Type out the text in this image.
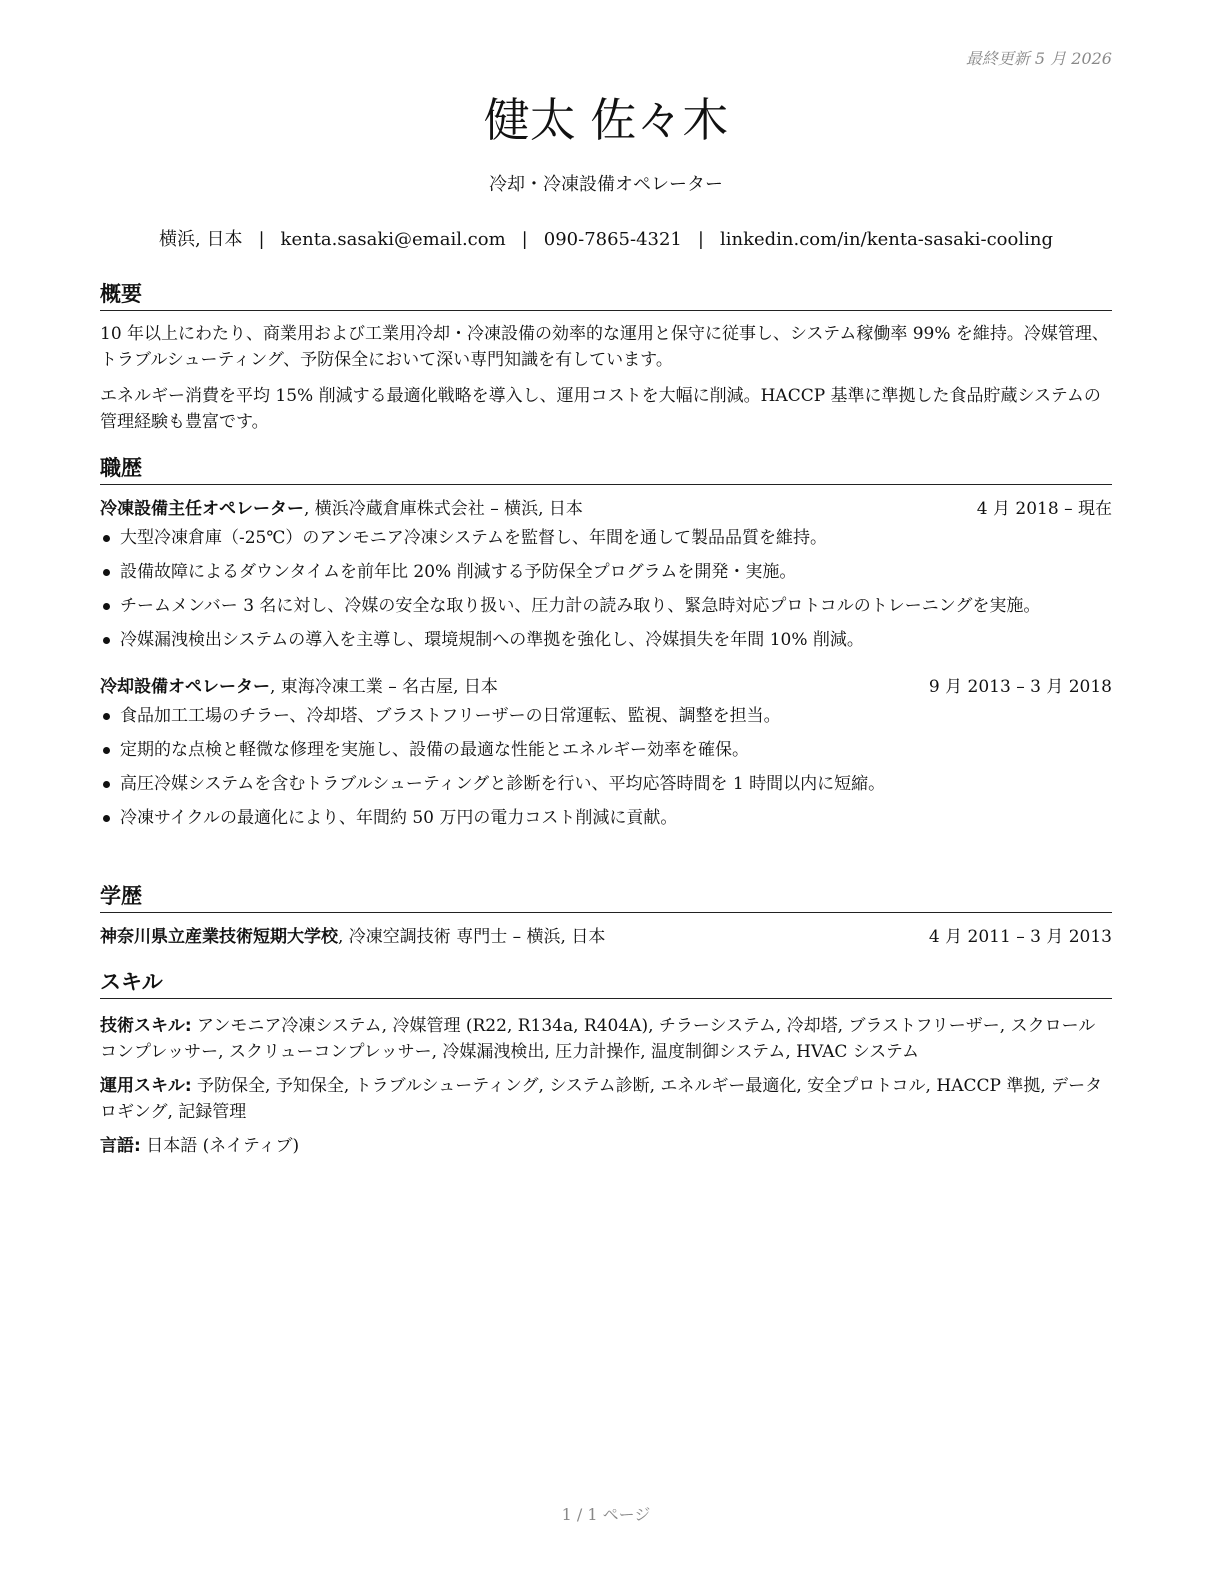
最終更新 5 月 2026
健太 佐々木
冷却・冷凍設備オペレーター
横浜, 日本 | kenta.sasaki@email.com | 090-7865-4321 | linkedin.com/in/kenta-sasaki-cooling
概要

10 年以上にわたり、商業用および工業用冷却・冷凍設備の効率的な運用と保守に従事し、システム稼働率 99% を維持。冷媒管理、トラブルシューティング、予防保全において深い専門知識を有しています。

エネルギー消費を平均 15% 削減する最適化戦略を導入し、運用コストを大幅に削減。HACCP 基準に準拠した食品貯蔵システムの管理経験も豊富です。

職歴
冷凍設備主任オペレーター, 横浜冷蔵倉庫株式会社 – 横浜, 日本	4 月 2018 – 現在
大型冷凍倉庫（-25℃）のアンモニア冷凍システムを監督し、年間を通して製品品質を維持。
設備故障によるダウンタイムを前年比 20% 削減する予防保全プログラムを開発・実施。
チームメンバー 3 名に対し、冷媒の安全な取り扱い、圧力計の読み取り、緊急時対応プロトコルのトレーニングを実施。
冷媒漏洩検出システムの導入を主導し、環境規制への準拠を強化し、冷媒損失を年間 10% 削減。
冷却設備オペレーター, 東海冷凍工業 – 名古屋, 日本	9 月 2013 – 3 月 2018
食品加工工場のチラー、冷却塔、ブラストフリーザーの日常運転、監視、調整を担当。
定期的な点検と軽微な修理を実施し、設備の最適な性能とエネルギー効率を確保。
高圧冷媒システムを含むトラブルシューティングと診断を行い、平均応答時間を 1 時間以内に短縮。
冷凍サイクルの最適化により、年間約 50 万円の電力コスト削減に貢献。
学歴
神奈川県立産業技術短期大学校, 冷凍空調技術 専門士 – 横浜, 日本	4 月 2011 – 3 月 2013
スキル
技術スキル: アンモニア冷凍システム, 冷媒管理 (R22, R134a, R404A), チラーシステム, 冷却塔, ブラストフリーザー, スクロールコンプレッサー, スクリューコンプレッサー, 冷媒漏洩検出, 圧力計操作, 温度制御システム, HVAC システム
運用スキル: 予防保全, 予知保全, トラブルシューティング, システム診断, エネルギー最適化, 安全プロトコル, HACCP 準拠, データロギング, 記録管理
言語: 日本語 (ネイティブ)
1 / 1 ページ
